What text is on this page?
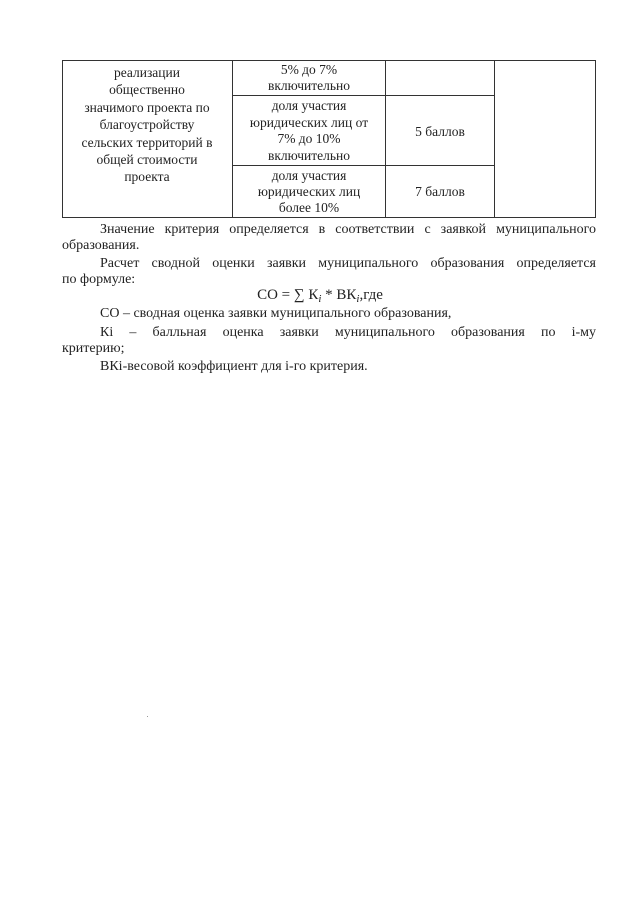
реализации
общественно
значимого проекта по
благоустройству
сельских территорий в
общей стоимости
проекта
5% до 7%
включительно
доля участия
юридических лиц от
7% до 10%
включительно
5 баллов
доля участия
юридических лиц
более 10%
7 баллов
Значение критерия определяется в соответствии с заявкой муниципального
образования.
Расчет сводной оценки заявки муниципального образования определяется
по формуле:
СО = ∑ $К_i * ВК_i,где$
СО – сводная оценка заявки муниципального образования,
Кi – балльная оценка заявки муниципального образования по i-му
критерию;
ВКi-весовой коэффициент для i-го критерия.
